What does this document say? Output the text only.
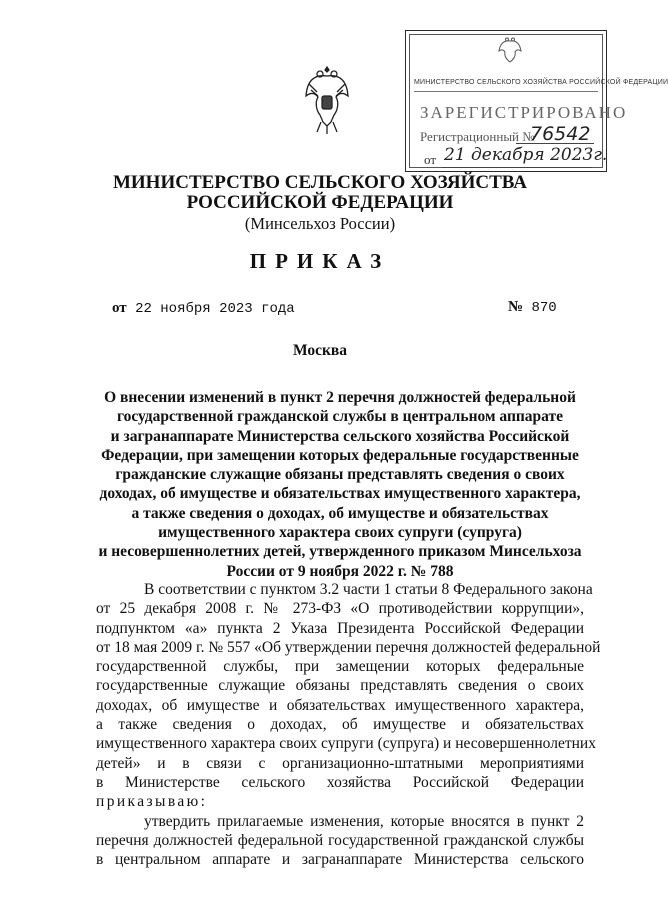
МИНИСТЕРСТВО СЕЛЬСКОГО ХОЗЯЙСТВА РОССИЙСКОЙ ФЕДЕРАЦИИ
ЗАРЕГИСТРИРОВАНО
Регистрационный №
76542
от 21 декабря 2023г.
МИНИСТЕРСТВО СЕЛЬСКОГО ХОЗЯЙСТВА
РОССИЙСКОЙ ФЕДЕРАЦИИ
(Минсельхоз России)
ПРИКАЗ
от 22 ноября 2023 года	№ 870
Москва
О внесении изменений в пункт 2 перечня должностей федеральной
государственной гражданской службы в центральном аппарате
и загранаппарате Министерства сельского хозяйства Российской
Федерации, при замещении которых федеральные государственные
гражданские служащие обязаны представлять сведения о своих
доходах, об имуществе и обязательствах имущественного характера,
а также сведения о доходах, об имуществе и обязательствах
имущественного характера своих супруги (супруга)
и несовершеннолетних детей, утвержденного приказом Минсельхоза
России от 9 ноября 2022 г. № 788
В соответствии с пунктом 3.2 части 1 статьи 8 Федерального закона
от 25 декабря 2008 г. № 273-ФЗ «О противодействии коррупции»,
подпунктом «а» пункта 2 Указа Президента Российской Федерации
от 18 мая 2009 г. № 557 «Об утверждении перечня должностей федеральной
государственной службы, при замещении которых федеральные
государственные служащие обязаны представлять сведения о своих
доходах, об имуществе и обязательствах имущественного характера,
а также сведения о доходах, об имуществе и обязательствах
имущественного характера своих супруги (супруга) и несовершеннолетних
детей» и в связи с организационно-штатными мероприятиями
в Министерстве сельского хозяйства Российской Федерации
приказываю:
утвердить прилагаемые изменения, которые вносятся в пункт 2
перечня должностей федеральной государственной гражданской службы
в центральном аппарате и загранаппарате Министерства сельского
